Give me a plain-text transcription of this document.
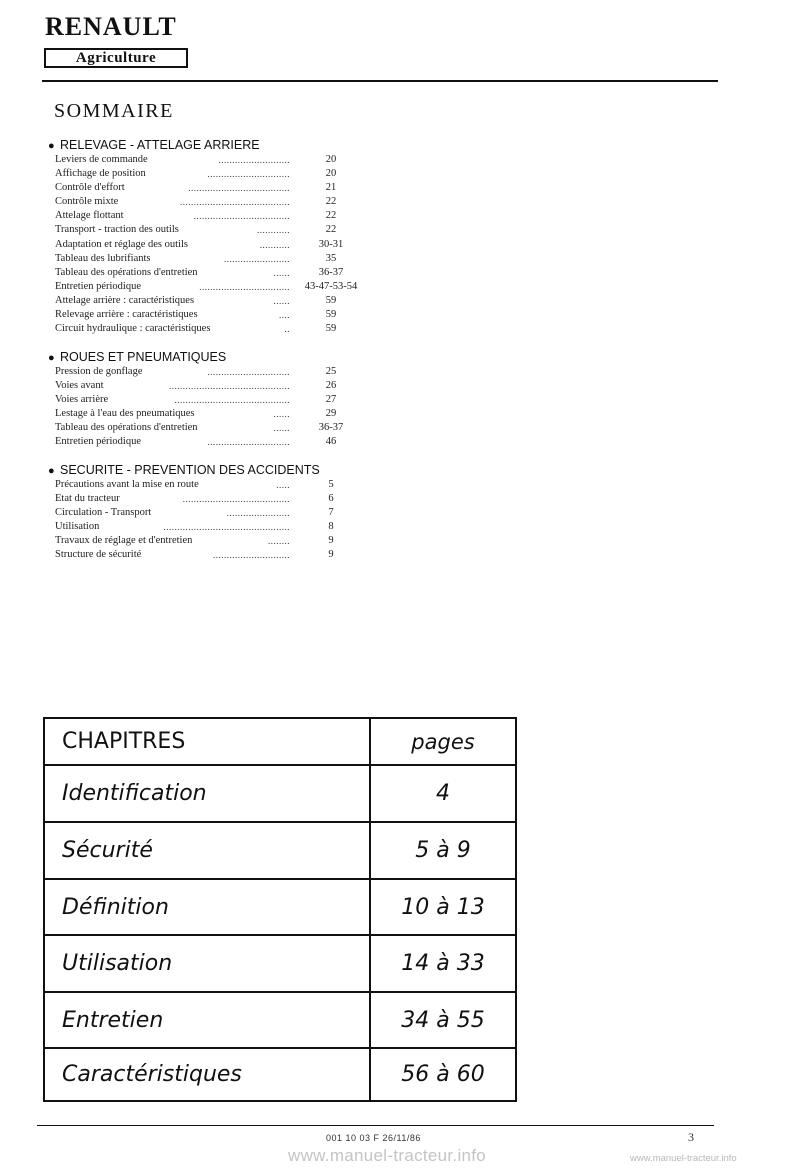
RENAULT
Agriculture
SOMMAIRE
● RELEVAGE - ATTELAGE ARRIERE
Leviers de commande	..........................	20
Affichage de position	..............................	20
Contrôle d'effort	.....................................	21
Contrôle mixte	........................................	22
Attelage flottant	...................................	22
Transport - traction des outils	............	22
Adaptation et réglage des outils	...........	30-31
Tableau des lubrifiants	........................	35
Tableau des opérations d'entretien	......	36-37
Entretien périodique	.................................	43-47-53-54
Attelage arrière : caractéristiques	......	59
Relevage arrière : caractéristiques	....	59
Circuit hydraulique : caractéristiques	..	59
● ROUES ET PNEUMATIQUES
Pression de gonflage	..............................	25
Voies avant	............................................	26
Voies arrière	..........................................	27
Lestage à l'eau des pneumatiques	......	29
Tableau des opérations d'entretien	......	36-37
Entretien périodique	..............................	46
● SECURITE - PREVENTION DES ACCIDENTS
Précautions avant la mise en route	.....	5
Etat du tracteur	.......................................	6
Circulation - Transport	.......................	7
Utilisation	..............................................	8
Travaux de réglage et d'entretien	........	9
Structure de sécurité	............................	9
CHAPITRES	pages
Identification	4
Sécurité	5 à 9
Définition	10 à 13
Utilisation	14 à 33
Entretien	34 à 55
Caractéristiques	56 à 60
001 10 03 F 26/11/86	3
www.manuel-tracteur.info	www.manuel-tracteur.info
